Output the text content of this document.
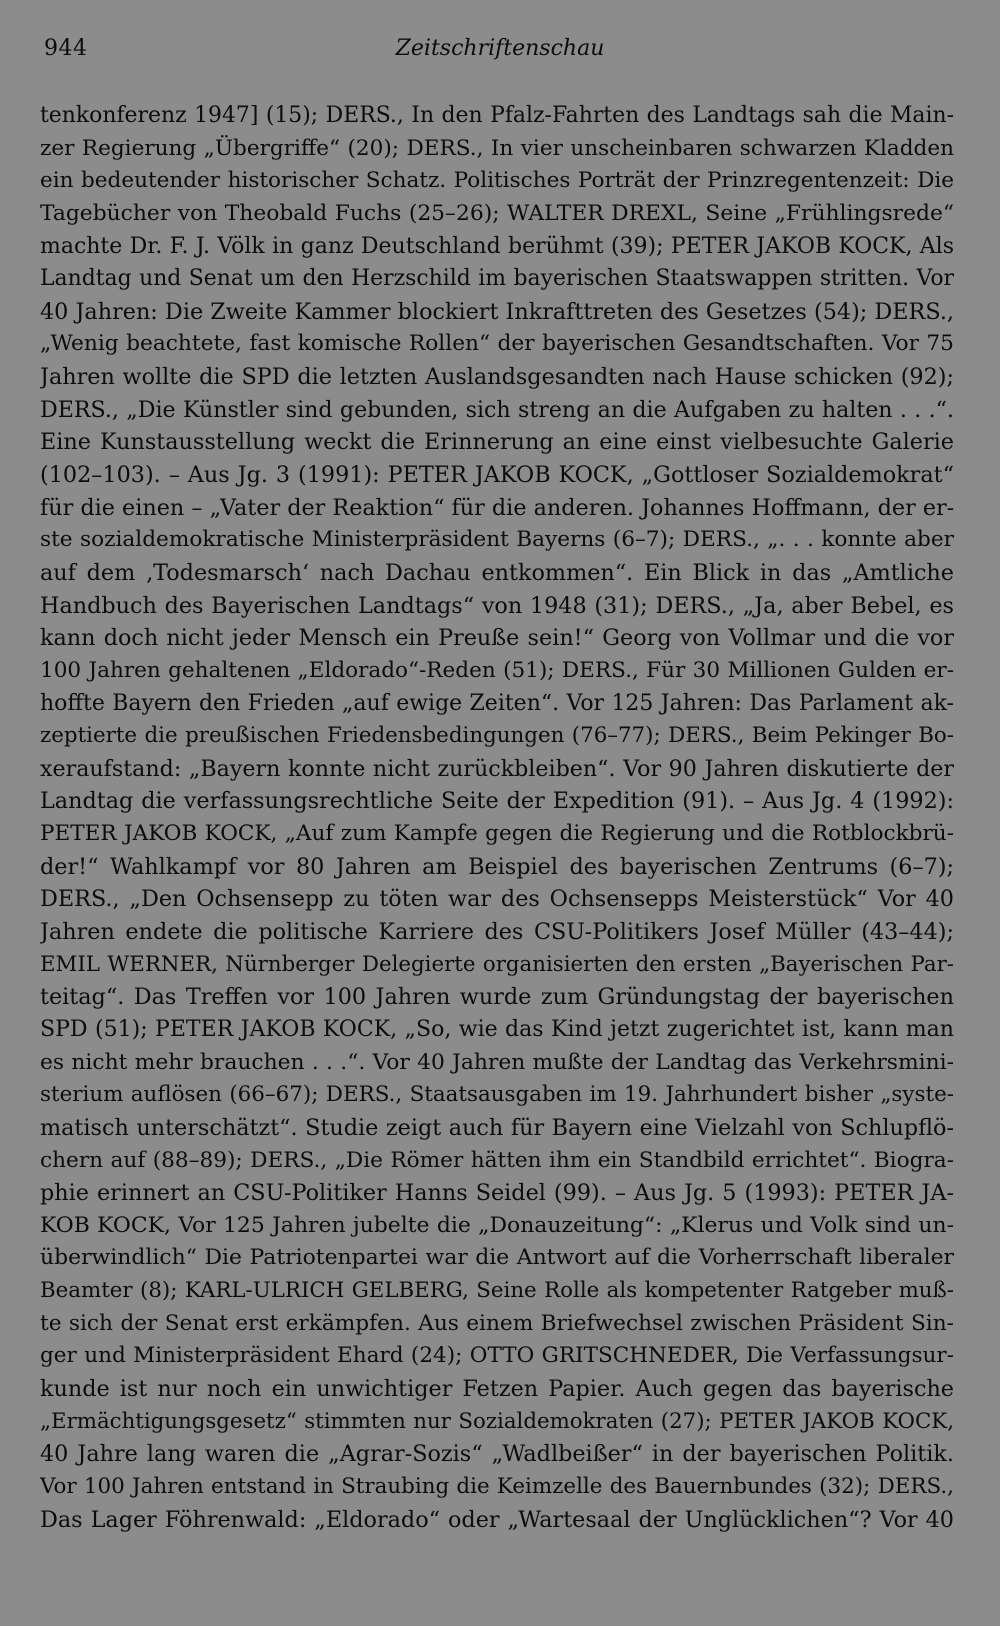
944	Zeitschriftenschau
tenkonferenz 1947] (15); DERS., In den Pfalz-Fahrten des Landtags sah die Main-
zer Regierung „Übergriffe“ (20); DERS., In vier unscheinbaren schwarzen Kladden
ein bedeutender historischer Schatz. Politisches Porträt der Prinzregentenzeit: Die
Tagebücher von Theobald Fuchs (25–26); WALTER DREXL, Seine „Frühlingsrede“
machte Dr. F. J. Völk in ganz Deutschland berühmt (39); PETER JAKOB KOCK, Als
Landtag und Senat um den Herzschild im bayerischen Staatswappen stritten. Vor
40 Jahren: Die Zweite Kammer blockiert Inkrafttreten des Gesetzes (54); DERS.,
„Wenig beachtete, fast komische Rollen“ der bayerischen Gesandtschaften. Vor 75
Jahren wollte die SPD die letzten Auslandsgesandten nach Hause schicken (92);
DERS., „Die Künstler sind gebunden, sich streng an die Aufgaben zu halten . . .“.
Eine Kunstausstellung weckt die Erinnerung an eine einst vielbesuchte Galerie
(102–103). – Aus Jg. 3 (1991): PETER JAKOB KOCK, „Gottloser Sozialdemokrat“
für die einen – „Vater der Reaktion“ für die anderen. Johannes Hoffmann, der er-
ste sozialdemokratische Ministerpräsident Bayerns (6–7); DERS., „. . . konnte aber
auf dem ‚Todesmarsch‘ nach Dachau entkommen“. Ein Blick in das „Amtliche
Handbuch des Bayerischen Landtags“ von 1948 (31); DERS., „Ja, aber Bebel, es
kann doch nicht jeder Mensch ein Preuße sein!“ Georg von Vollmar und die vor
100 Jahren gehaltenen „Eldorado“-Reden (51); DERS., Für 30 Millionen Gulden er-
hoffte Bayern den Frieden „auf ewige Zeiten“. Vor 125 Jahren: Das Parlament ak-
zeptierte die preußischen Friedensbedingungen (76–77); DERS., Beim Pekinger Bo-
xeraufstand: „Bayern konnte nicht zurückbleiben“. Vor 90 Jahren diskutierte der
Landtag die verfassungsrechtliche Seite der Expedition (91). – Aus Jg. 4 (1992):
PETER JAKOB KOCK, „Auf zum Kampfe gegen die Regierung und die Rotblockbrü-
der!“ Wahlkampf vor 80 Jahren am Beispiel des bayerischen Zentrums (6–7);
DERS., „Den Ochsensepp zu töten war des Ochsensepps Meisterstück“ Vor 40
Jahren endete die politische Karriere des CSU-Politikers Josef Müller (43–44);
EMIL WERNER, Nürnberger Delegierte organisierten den ersten „Bayerischen Par-
teitag“. Das Treffen vor 100 Jahren wurde zum Gründungstag der bayerischen
SPD (51); PETER JAKOB KOCK, „So, wie das Kind jetzt zugerichtet ist, kann man
es nicht mehr brauchen . . .“. Vor 40 Jahren mußte der Landtag das Verkehrsmini-
sterium auflösen (66–67); DERS., Staatsausgaben im 19. Jahrhundert bisher „syste-
matisch unterschätzt“. Studie zeigt auch für Bayern eine Vielzahl von Schlupflö-
chern auf (88–89); DERS., „Die Römer hätten ihm ein Standbild errichtet“. Biogra-
phie erinnert an CSU-Politiker Hanns Seidel (99). – Aus Jg. 5 (1993): PETER JA-
KOB KOCK, Vor 125 Jahren jubelte die „Donauzeitung“: „Klerus und Volk sind un-
überwindlich“ Die Patriotenpartei war die Antwort auf die Vorherrschaft liberaler
Beamter (8); KARL-ULRICH GELBERG, Seine Rolle als kompetenter Ratgeber muß-
te sich der Senat erst erkämpfen. Aus einem Briefwechsel zwischen Präsident Sin-
ger und Ministerpräsident Ehard (24); OTTO GRITSCHNEDER, Die Verfassungsur-
kunde ist nur noch ein unwichtiger Fetzen Papier. Auch gegen das bayerische
„Ermächtigungsgesetz“ stimmten nur Sozialdemokraten (27); PETER JAKOB KOCK,
40 Jahre lang waren die „Agrar-Sozis“ „Wadlbeißer“ in der bayerischen Politik.
Vor 100 Jahren entstand in Straubing die Keimzelle des Bauernbundes (32); DERS.,
Das Lager Föhrenwald: „Eldorado“ oder „Wartesaal der Unglücklichen“? Vor 40
